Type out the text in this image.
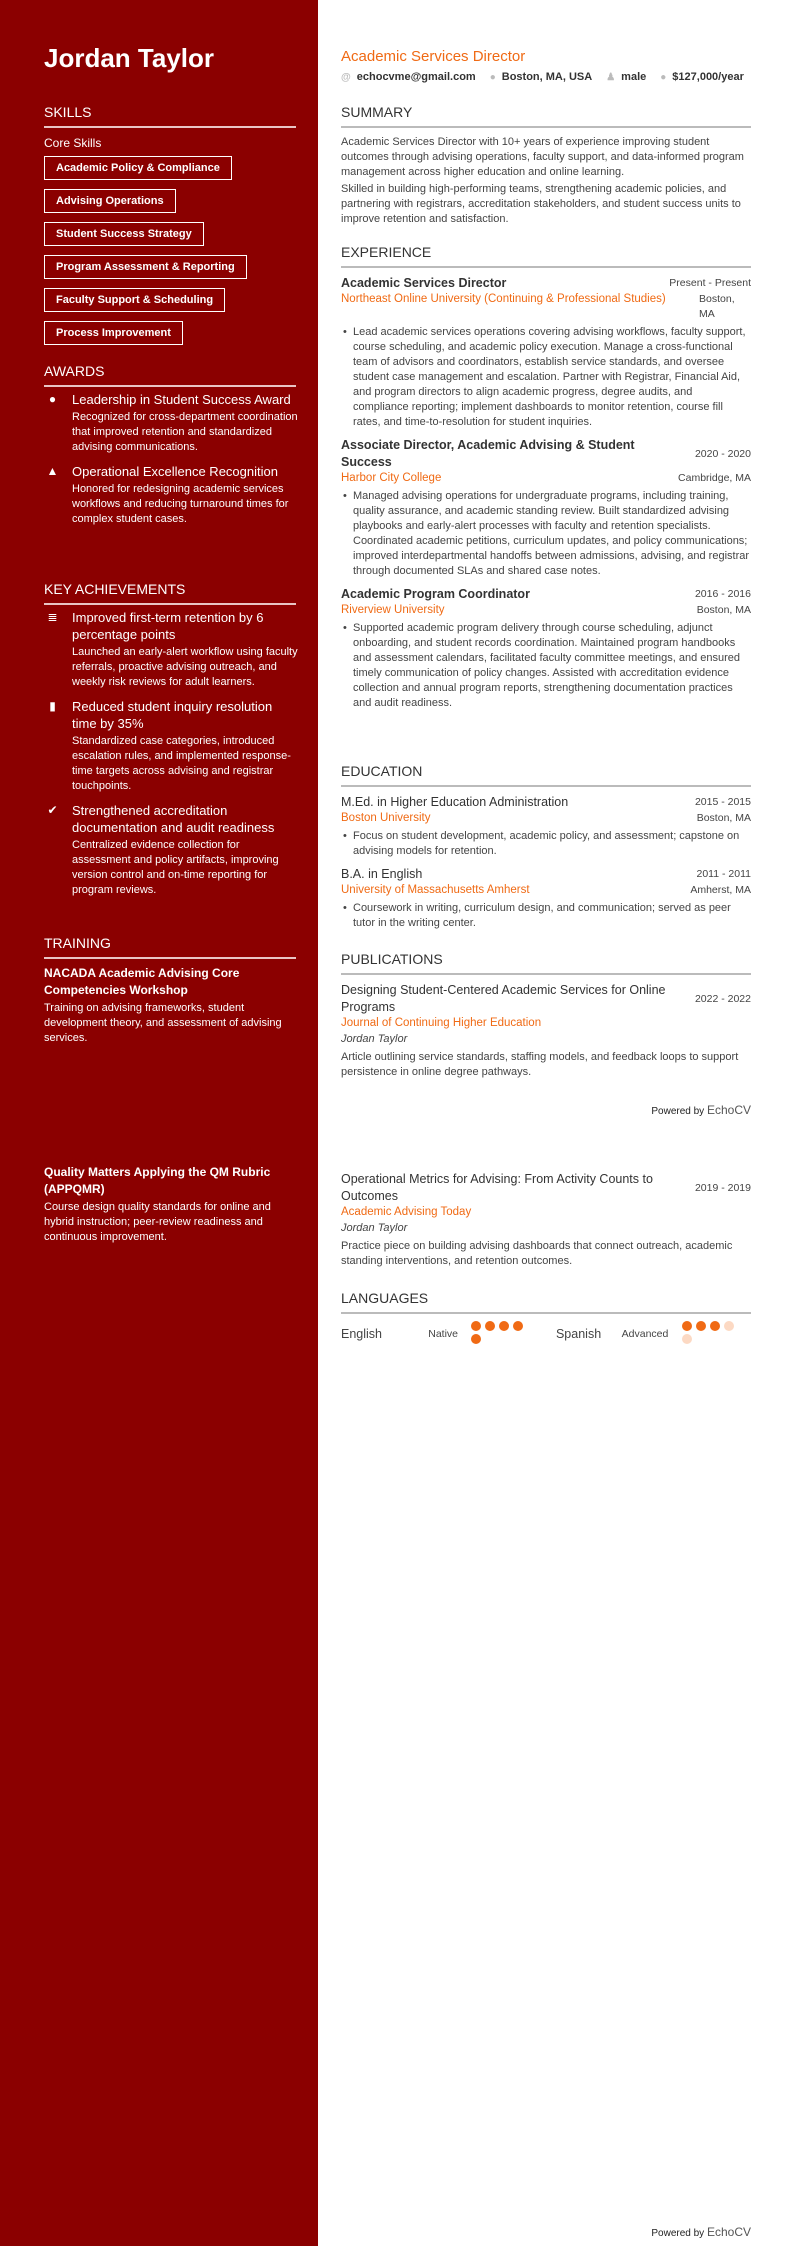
Jordan Taylor
SKILLS
Core Skills
Academic Policy & Compliance
Advising Operations
Student Success Strategy
Program Assessment & Reporting
Faculty Support & Scheduling
Process Improvement
AWARDS
● Leadership in Student Success Award
Recognized for cross-department coordination that improved retention and standardized advising communications.
▲ Operational Excellence Recognition
Honored for redesigning academic services workflows and reducing turnaround times for complex student cases.
KEY ACHIEVEMENTS
≣ Improved first-term retention by 6 percentage points
Launched an early-alert workflow using faculty referrals, proactive advising outreach, and weekly risk reviews for adult learners.
▮ Reduced student inquiry resolution time by 35%
Standardized case categories, introduced escalation rules, and implemented response-time targets across advising and registrar touchpoints.
✔ Strengthened accreditation documentation and audit readiness
Centralized evidence collection for assessment and policy artifacts, improving version control and on-time reporting for program reviews.
TRAINING
NACADA Academic Advising Core Competencies Workshop
Training on advising frameworks, student development theory, and assessment of advising services.
Quality Matters Applying the QM Rubric (APPQMR)
Course design quality standards for online and hybrid instruction; peer-review readiness and continuous improvement.
Academic Services Director
@ echocvme@gmail.com ● Boston, MA, USA ♟ male ● $127,000/year
SUMMARY
Academic Services Director with 10+ years of experience improving student outcomes through advising operations, faculty support, and data-informed program management across higher education and online learning.
Skilled in building high-performing teams, strengthening academic policies, and partnering with registrars, accreditation stakeholders, and student success units to improve retention and satisfaction.
EXPERIENCE
Academic Services Director	Present - Present
Northeast Online University (Continuing & Professional Studies)	Boston, MA
• Lead academic services operations covering advising workflows, faculty support, course scheduling, and academic policy execution. Manage a cross-functional team of advisors and coordinators, establish service standards, and oversee student case management and escalation. Partner with Registrar, Financial Aid, and program directors to align academic progress, degree audits, and compliance reporting; implement dashboards to monitor retention, course fill rates, and time-to-resolution for student inquiries.
Associate Director, Academic Advising & Student Success
2020 - 2020
Harbor City College	Cambridge, MA
• Managed advising operations for undergraduate programs, including training, quality assurance, and academic standing review. Built standardized advising playbooks and early-alert processes with faculty and retention specialists. Coordinated academic petitions, curriculum updates, and policy communications; improved interdepartmental handoffs between admissions, advising, and registrar through documented SLAs and shared case notes.
Academic Program Coordinator	2016 - 2016
Riverview University	Boston, MA
• Supported academic program delivery through course scheduling, adjunct onboarding, and student records coordination. Maintained program handbooks and assessment calendars, facilitated faculty committee meetings, and ensured timely communication of policy changes. Assisted with accreditation evidence collection and annual program reports, strengthening documentation practices and audit readiness.
EDUCATION
M.Ed. in Higher Education Administration	2015 - 2015
Boston University	Boston, MA
• Focus on student development, academic policy, and assessment; capstone on advising models for retention.
B.A. in English	2011 - 2011
University of Massachusetts Amherst	Amherst, MA
• Coursework in writing, curriculum design, and communication; served as peer tutor in the writing center.
PUBLICATIONS
Designing Student-Centered Academic Services for Online Programs
2022 - 2022
Journal of Continuing Higher Education
Jordan Taylor
Article outlining service standards, staffing models, and feedback loops to support persistence in online degree pathways.
Powered by EchoCV
Operational Metrics for Advising: From Activity Counts to Outcomes
2019 - 2019
Academic Advising Today
Jordan Taylor
Practice piece on building advising dashboards that connect outreach, academic standing interventions, and retention outcomes.
LANGUAGES
English	Native	Spanish	Advanced
Powered by EchoCV
